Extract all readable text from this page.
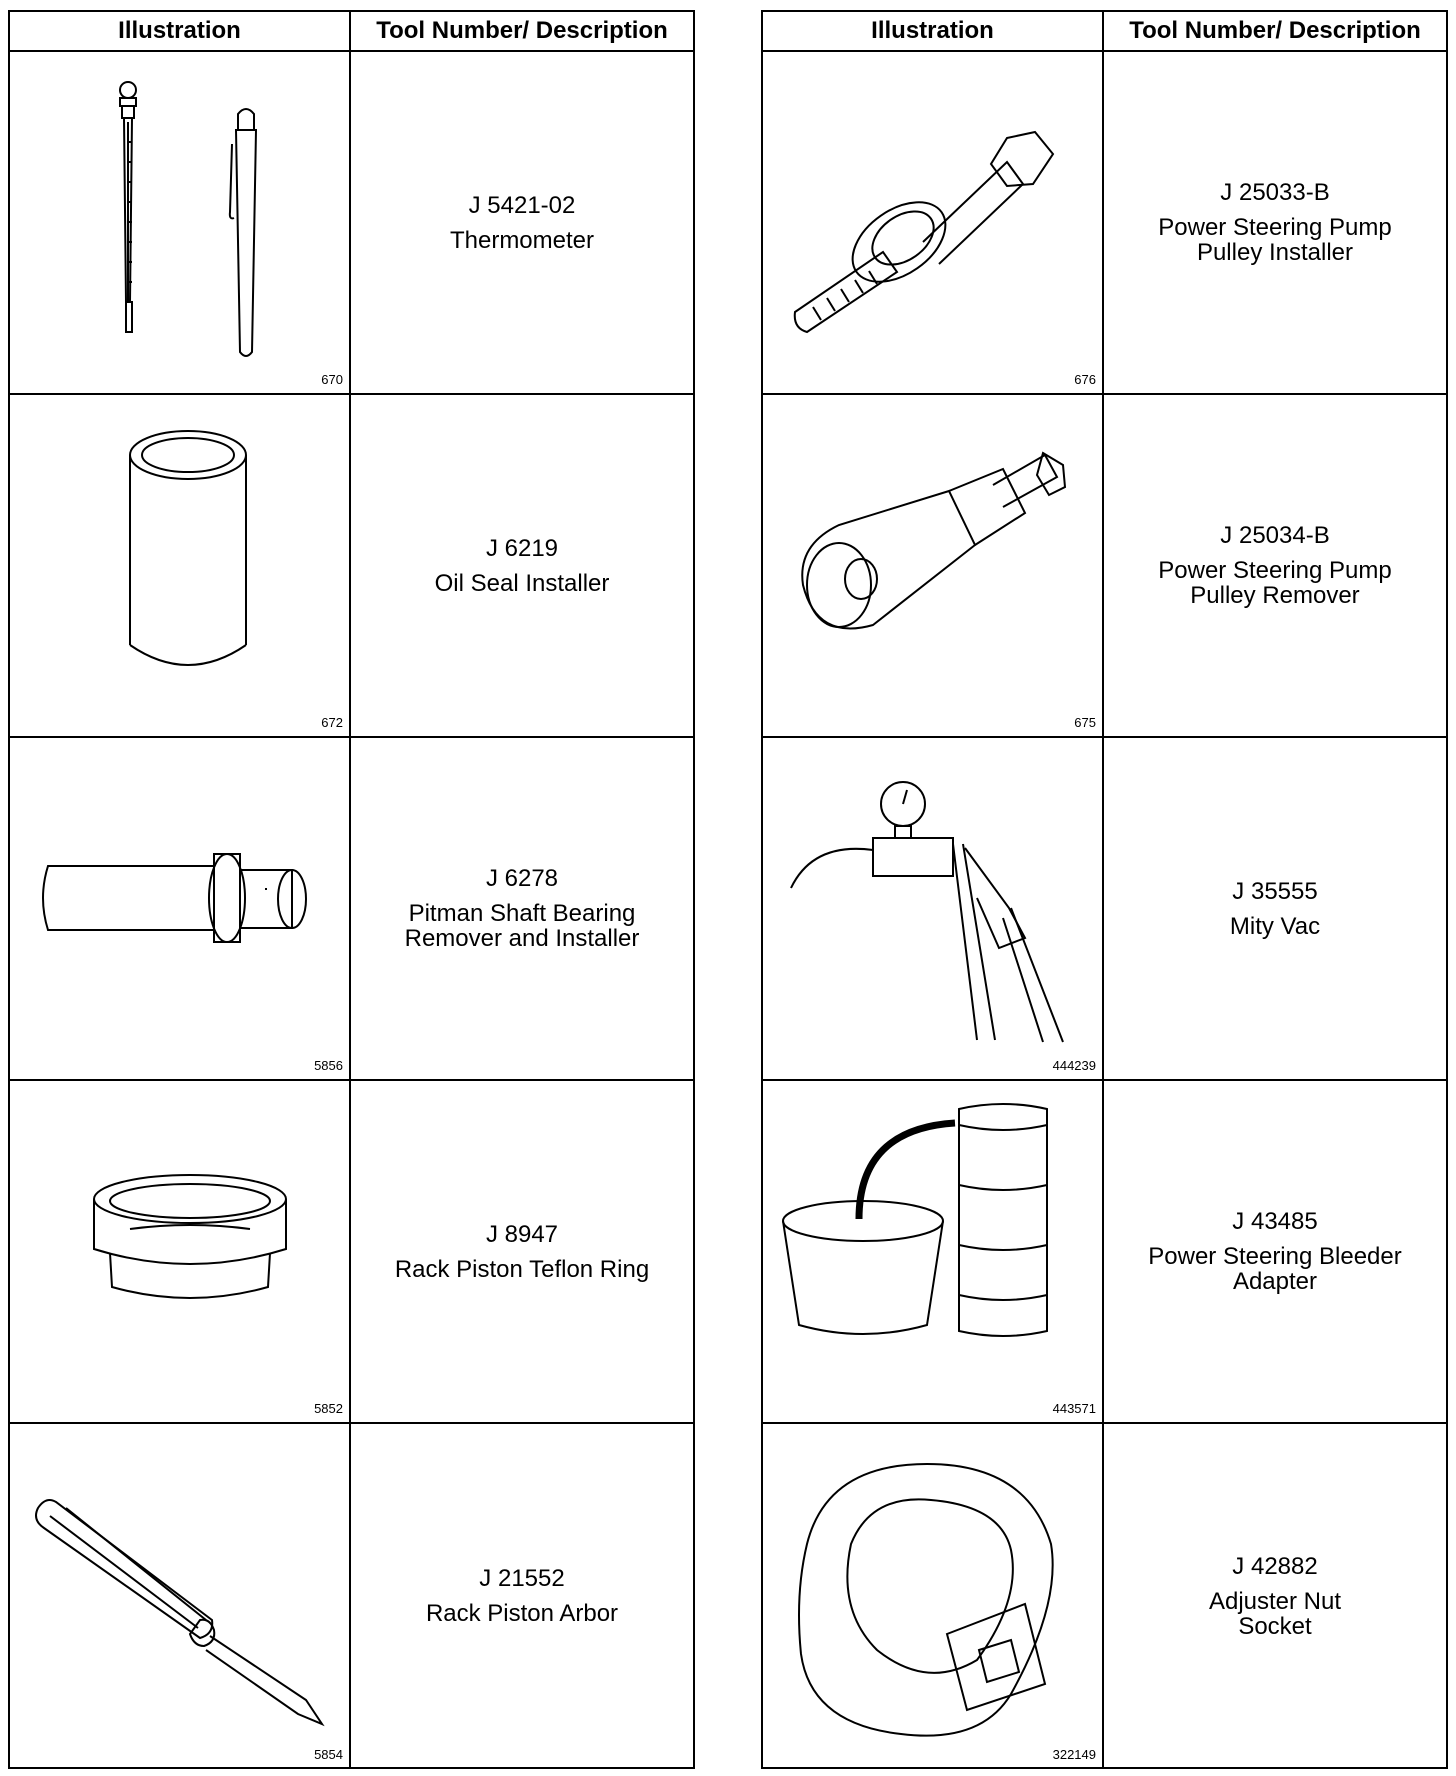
Illustration	Tool Number/ Description
670
J 5421-02
Thermometer
672
J 6219
Oil Seal Installer
5856
J 6278
Pitman Shaft Bearing
Remover and Installer
5852
J 8947
Rack Piston Teflon Ring
5854
J 21552
Rack Piston Arbor
Illustration	Tool Number/ Description
676
J 25033-B
Power Steering Pump
Pulley Installer
675
J 25034-B
Power Steering Pump
Pulley Remover
444239
J 35555
Mity Vac
443571
J 43485
Power Steering Bleeder
Adapter
322149
J 42882
Adjuster Nut
Socket
